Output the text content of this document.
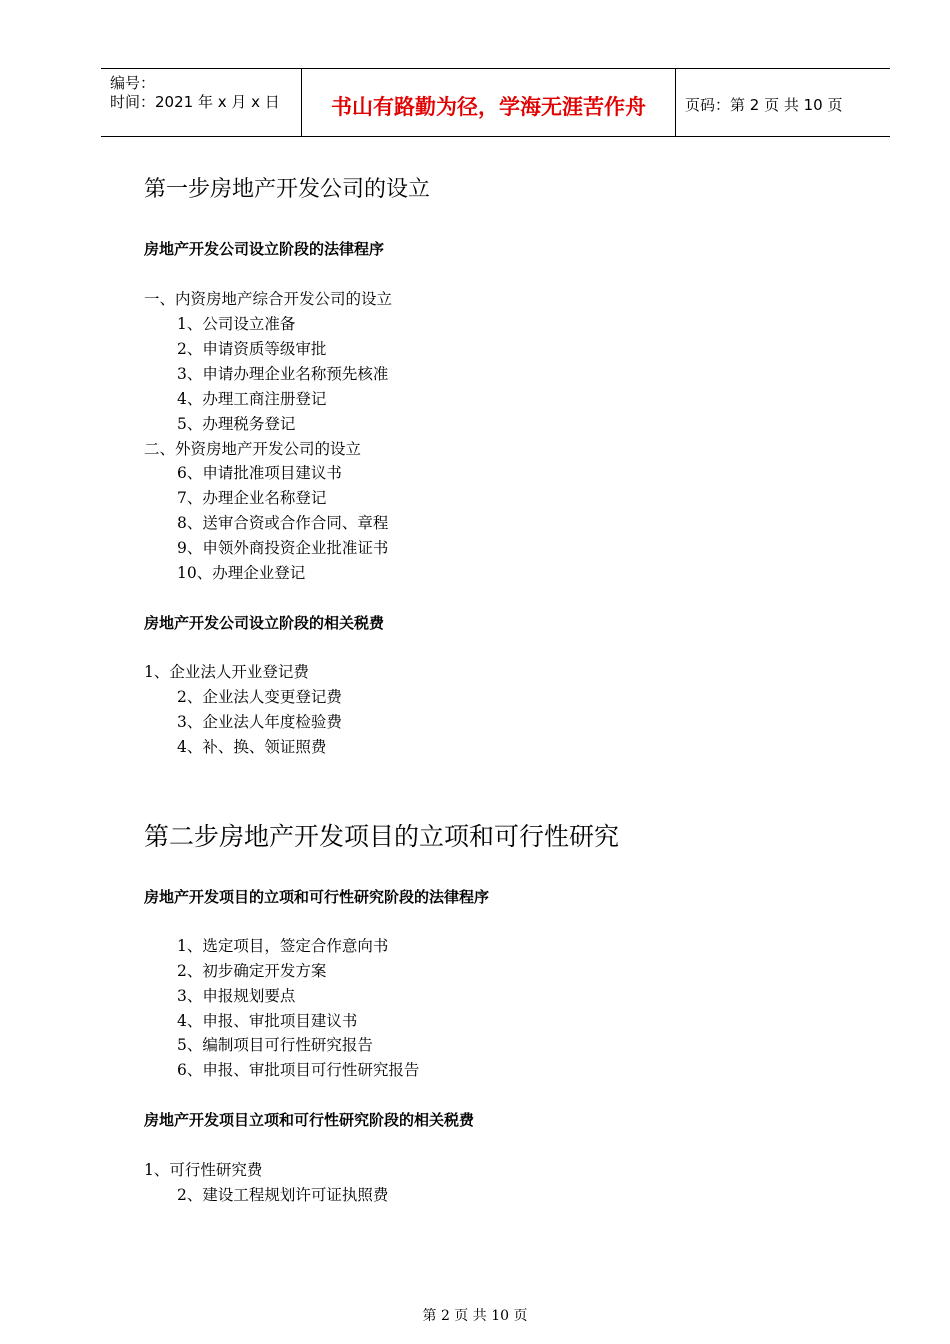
编号：
时间：2021 年 x 月 x 日	书山有路勤为径，学海无涯苦作舟	页码：第 2 页 共 10 页
第一步房地产开发公司的设立
房地产开发公司设立阶段的法律程序
一、内资房地产综合开发公司的设立
1、公司设立准备
2、申请资质等级审批
3、申请办理企业名称预先核准
4、办理工商注册登记
5、办理税务登记
二、外资房地产开发公司的设立
6、申请批准项目建议书
7、办理企业名称登记
8、送审合资或合作合同、章程
9、申领外商投资企业批准证书
10、办理企业登记
房地产开发公司设立阶段的相关税费
1、企业法人开业登记费
2、企业法人变更登记费
3、企业法人年度检验费
4、补、换、领证照费
第二步房地产开发项目的立项和可行性研究
房地产开发项目的立项和可行性研究阶段的法律程序
1、选定项目，签定合作意向书
2、初步确定开发方案
3、申报规划要点
4、申报、审批项目建议书
5、编制项目可行性研究报告
6、申报、审批项目可行性研究报告
房地产开发项目立项和可行性研究阶段的相关税费
1、可行性研究费
2、建设工程规划许可证执照费
第 2 页 共 10 页
